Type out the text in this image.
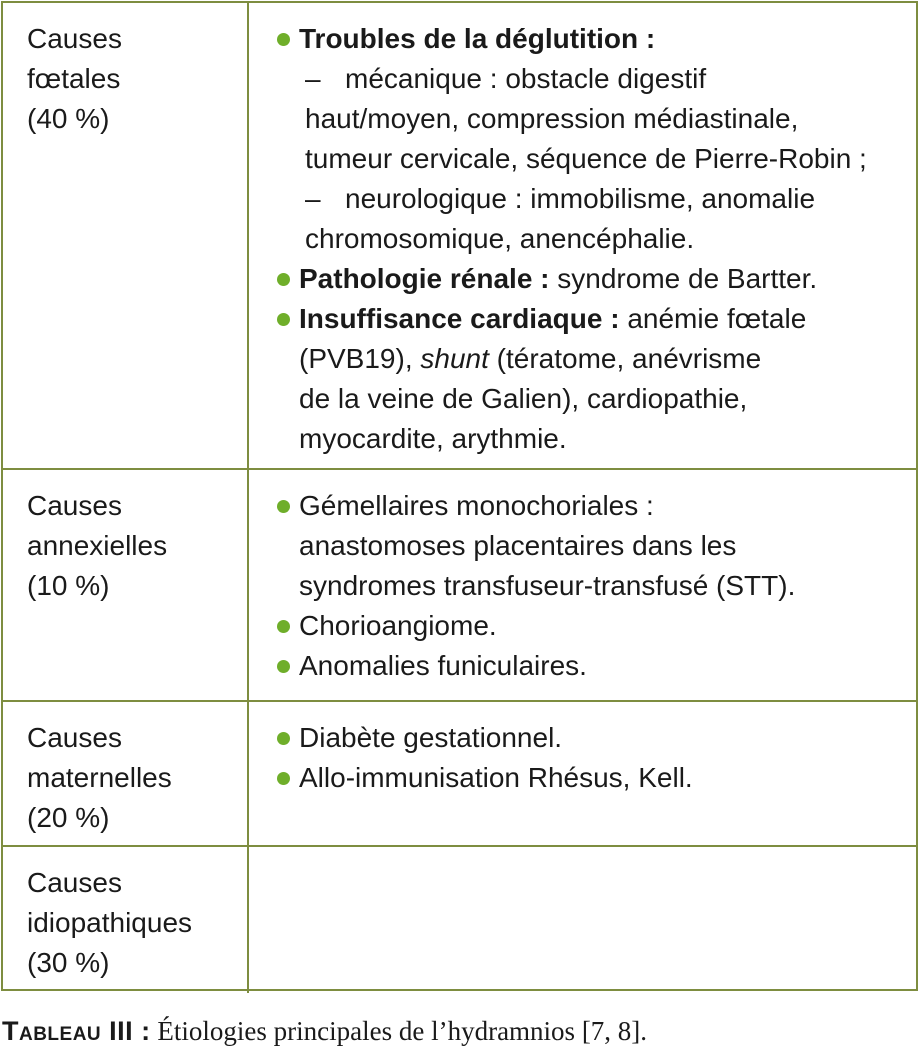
Causes
fœtales
(40 %)
Troubles de la déglutition :
– mécanique : obstacle digestif
haut/moyen, compression médiastinale,
tumeur cervicale, séquence de Pierre-Robin ;
– neurologique : immobilisme, anomalie
chromosomique, anencéphalie.
Pathologie rénale : syndrome de Bartter.
Insuffisance cardiaque : anémie fœtale
(PVB19), shunt (tératome, anévrisme
de la veine de Galien), cardiopathie,
myocardite, arythmie.
Causes
annexielles
(10 %)
Gémellaires monochoriales :
anastomoses placentaires dans les
syndromes transfuseur-transfusé (STT).
Chorioangiome.
Anomalies funiculaires.
Causes
maternelles
(20 %)
Diabète gestationnel.
Allo-immunisation Rhésus, Kell.
Causes
idiopathiques
(30 %)
Tableau III : Étiologies principales de l’hydramnios [7, 8].
